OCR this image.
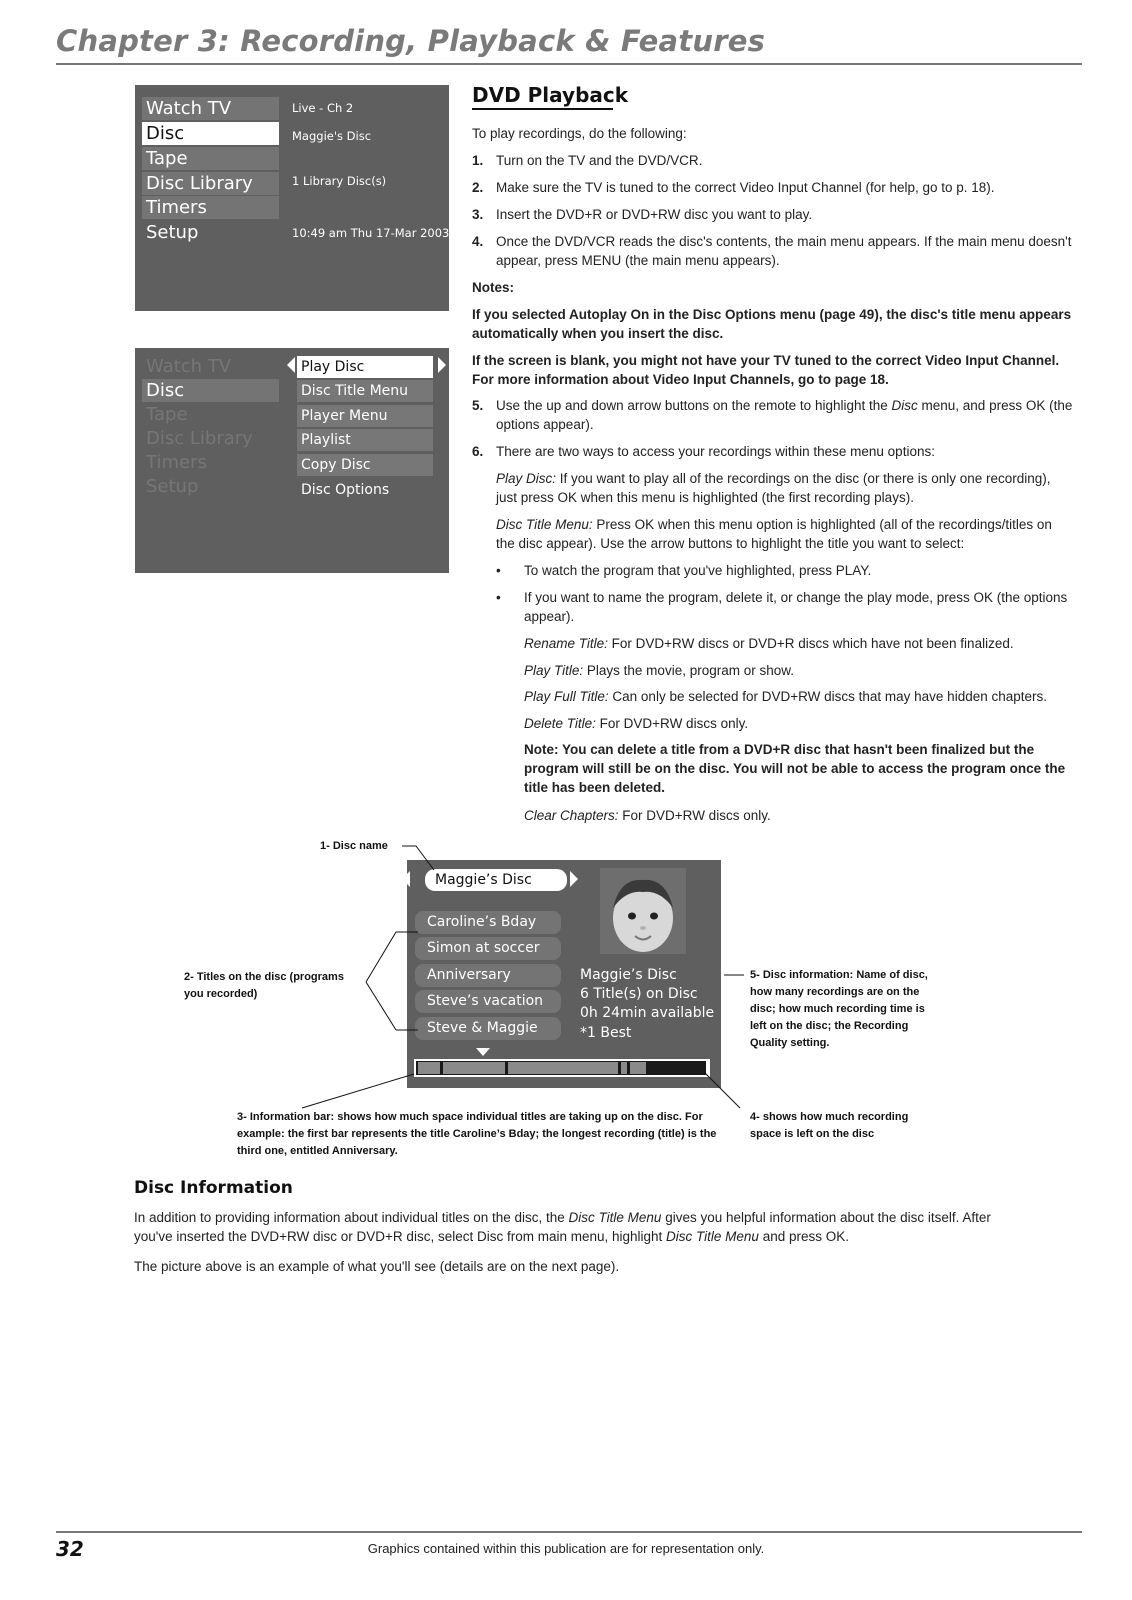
Chapter 3: Recording, Playback & Features
Watch TV
Disc
Tape
Disc Library
Timers
Setup
Live - Ch 2
Maggie's Disc
1 Library Disc(s)
10:49 am Thu 17-Mar 2003
Watch TV
Disc
Tape
Disc Library
Timers
Setup
Play Disc
Disc Title Menu
Player Menu
Playlist
Copy Disc
Disc Options
DVD Playback
To play recordings, do the following:
1. Turn on the TV and the DVD/VCR.
2. Make sure the TV is tuned to the correct Video Input Channel (for help, go to p. 18).
3. Insert the DVD+R or DVD+RW disc you want to play.
4. Once the DVD/VCR reads the disc's contents, the main menu appears. If the main menu doesn't appear, press MENU (the main menu appears).
Notes:
If you selected Autoplay On in the Disc Options menu (page 49), the disc's title menu appears automatically when you insert the disc.
If the screen is blank, you might not have your TV tuned to the correct Video Input Channel. For more information about Video Input Channels, go to page 18.
5. Use the up and down arrow buttons on the remote to highlight the Disc menu, and press OK (the options appear).
6. There are two ways to access your recordings within these menu options:
Play Disc: If you want to play all of the recordings on the disc (or there is only one recording), just press OK when this menu is highlighted (the first recording plays).
Disc Title Menu: Press OK when this menu option is highlighted (all of the recordings/titles on the disc appear). Use the arrow buttons to highlight the title you want to select:
• To watch the program that you've highlighted, press PLAY.
• If you want to name the program, delete it, or change the play mode, press OK (the options appear).
Rename Title: For DVD+RW discs or DVD+R discs which have not been finalized.
Play Title: Plays the movie, program or show.
Play Full Title: Can only be selected for DVD+RW discs that may have hidden chapters.
Delete Title: For DVD+RW discs only.
Note: You can delete a title from a DVD+R disc that hasn't been finalized but the program will still be on the disc. You will not be able to access the program once the title has been deleted.
Clear Chapters: For DVD+RW discs only.
Maggie’s Disc
Caroline’s Bday
Simon at soccer
Anniversary
Steve’s vacation
Steve & Maggie
Maggie’s Disc
6 Title(s) on Disc
0h 24min available
*1 Best
1- Disc name
2- Titles on the disc (programs you recorded)
3- Information bar: shows how much space individual titles are taking up on the disc. For example: the first bar represents the title Caroline’s Bday; the longest recording (title) is the third one, entitled Anniversary.
4- shows how much recording space is left on the disc
5- Disc information: Name of disc, how many recordings are on the disc; how much recording time is left on the disc; the Recording Quality setting.
Disc Information
In addition to providing information about individual titles on the disc, the Disc Title Menu gives you helpful information about the disc itself. After you've inserted the DVD+RW disc or DVD+R disc, select Disc from main menu, highlight Disc Title Menu and press OK.
The picture above is an example of what you'll see (details are on the next page).
32	Graphics contained within this publication are for representation only.
